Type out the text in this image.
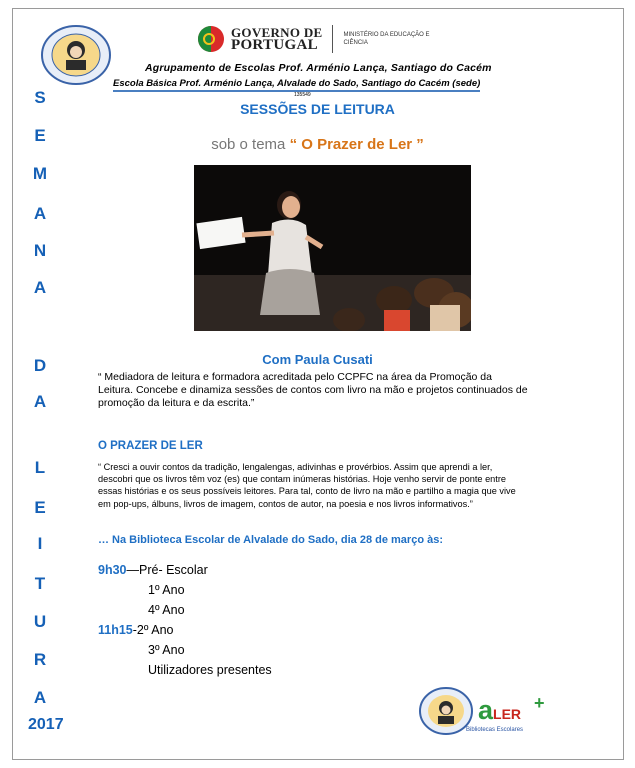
GOVERNO DE
PORTUGAL
MINISTÉRIO DA EDUCAÇÃO E CIÊNCIA
Agrupamento de Escolas Prof. Arménio Lança, Santiago do Cacém
Escola Básica Prof. Arménio Lança, Alvalade do Sado, Santiago do Cacém (sede)
135549
S
E
M
A
N
A
D
A
L
E
I
T
U
R
A
2017
SESSÕES DE LEITURA
sob o tema “ O Prazer de Ler ”
Com Paula Cusati
“ Mediadora de leitura e formadora acreditada pelo CCPFC na área da Promoção da Leitura. Concebe e dinamiza sessões de contos com livro na mão e projetos continuados de promoção da leitura e da escrita.”
O PRAZER DE LER
“ Cresci a ouvir contos da tradição, lengalengas, adivinhas e provérbios. Assim que aprendi a ler, descobri que os livros têm voz (es) que contam inúmeras histórias. Hoje venho servir de ponte entre essas histórias e os seus possíveis leitores. Para tal, conto de livro na mão e partilho a magia que vive em pop-ups, álbuns, livros de imagem, contos de autor, na poesia e nos livros informativos.”
… Na Biblioteca Escolar de Alvalade do Sado, dia 28 de março às:
9h30—Pré- Escolar
1º Ano
4º Ano
11h15-2º Ano
3º Ano
Utilizadores presentes
aLER
+
Bibliotecas Escolares
